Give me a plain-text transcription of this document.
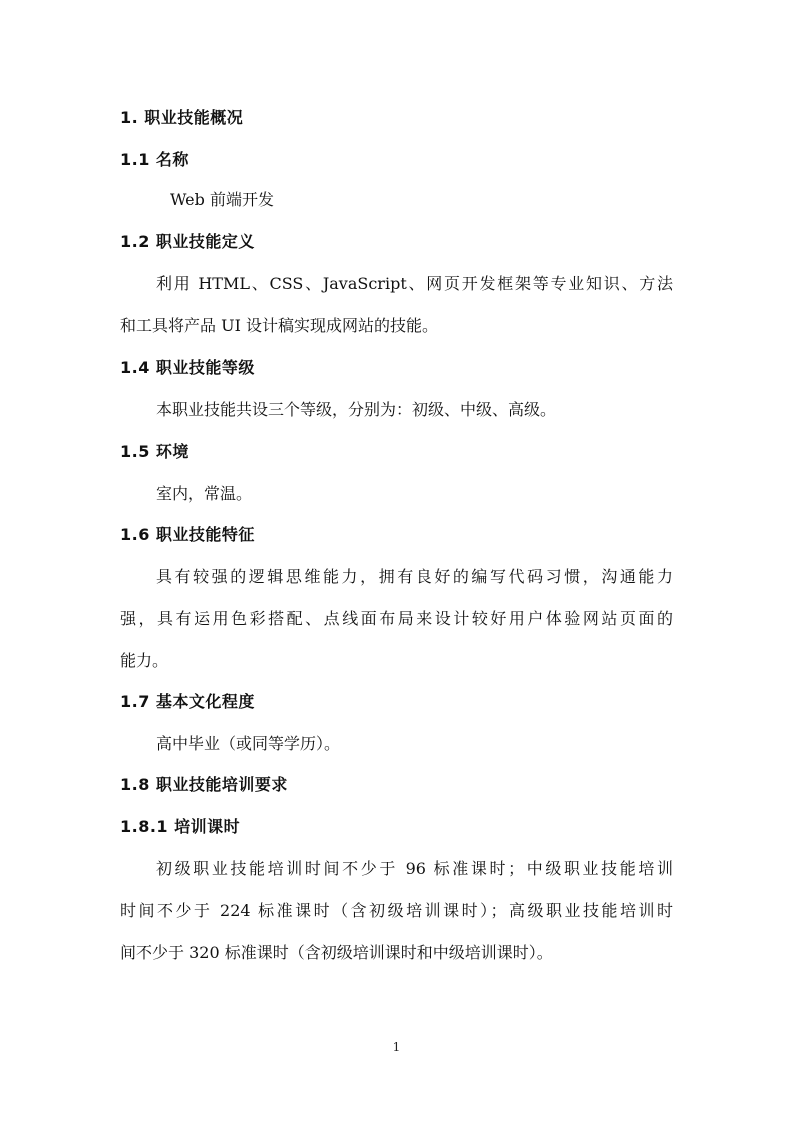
1. 职业技能概况
1.1 名称
Web 前端开发
1.2 职业技能定义
利用 HTML、CSS、JavaScript、网页开发框架等专业知识、方法
和工具将产品 UI 设计稿实现成网站的技能。
1.4 职业技能等级
本职业技能共设三个等级，分别为：初级、中级、高级。
1.5 环境
室内，常温。
1.6 职业技能特征
具有较强的逻辑思维能力，拥有良好的编写代码习惯，沟通能力
强，具有运用色彩搭配、点线面布局来设计较好用户体验网站页面的
能力。
1.7 基本文化程度
高中毕业（或同等学历）。
1.8 职业技能培训要求
1.8.1 培训课时
初级职业技能培训时间不少于 96 标准课时；中级职业技能培训
时间不少于 224 标准课时（含初级培训课时）；高级职业技能培训时
间不少于 320 标准课时（含初级培训课时和中级培训课时）。
1
